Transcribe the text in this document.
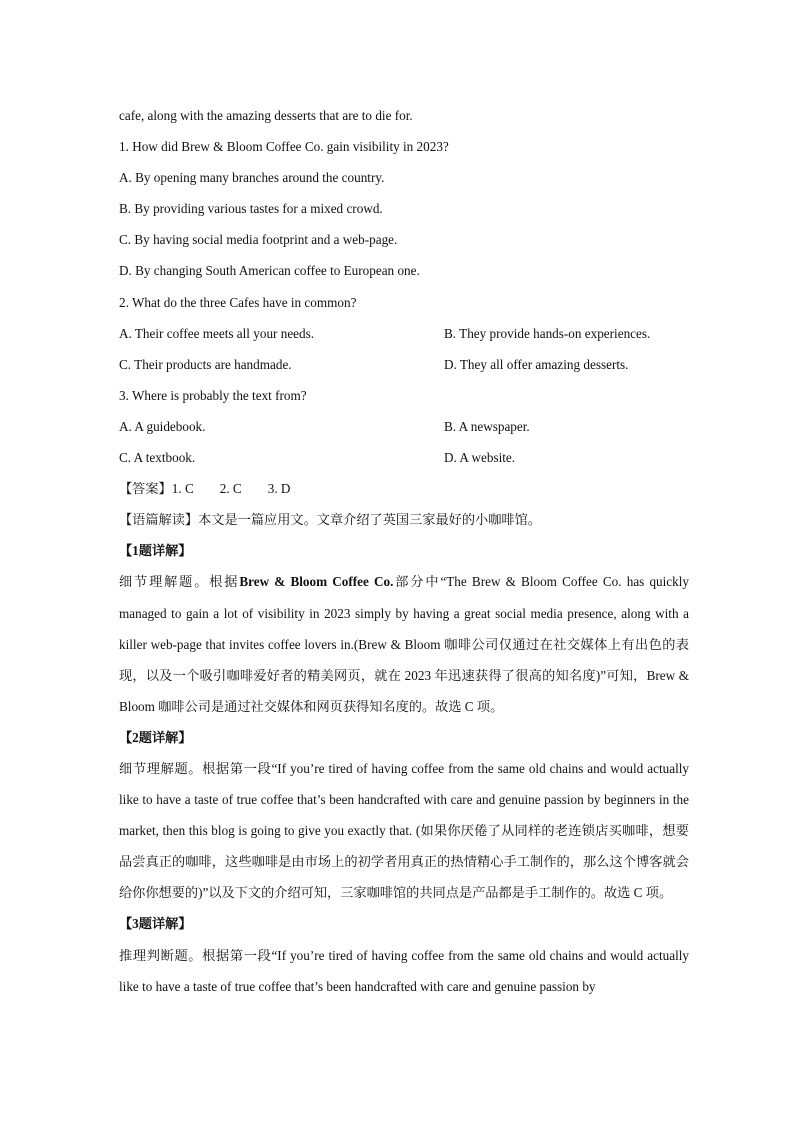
cafe, along with the amazing desserts that are to die for.
1. How did Brew & Bloom Coffee Co. gain visibility in 2023?
A. By opening many branches around the country.
B. By providing various tastes for a mixed crowd.
C. By having social media footprint and a web-page.
D. By changing South American coffee to European one.
2. What do the three Cafes have in common?
A. Their coffee meets all your needs.	B. They provide hands-on experiences.
C. Their products are handmade.	D. They all offer amazing desserts.
3. Where is probably the text from?
A. A guidebook.	B. A newspaper.
C. A textbook.	D. A website.
【答案】1. C 2. C 3. D
【语篇解读】本文是一篇应用文。文章介绍了英国三家最好的小咖啡馆。
【1题详解】
细节理解题。根据Brew & Bloom Coffee Co.部分中“The Brew & Bloom Coffee Co. has quickly managed to gain a lot of visibility in 2023 simply by having a great social media presence, along with a killer web-page that invites coffee lovers in.(Brew & Bloom 咖啡公司仅通过在社交媒体上有出色的表现，以及一个吸引咖啡爱好者的精美网页，就在 2023 年迅速获得了很高的知名度)”可知，Brew & Bloom 咖啡公司是通过社交媒体和网页获得知名度的。故选 C 项。
【2题详解】
细节理解题。根据第一段“If you’re tired of having coffee from the same old chains and would actually like to have a taste of true coffee that’s been handcrafted with care and genuine passion by beginners in the market, then this blog is going to give you exactly that. (如果你厌倦了从同样的老连锁店买咖啡，想要品尝真正的咖啡，这些咖啡是由市场上的初学者用真正的热情精心手工制作的，那么这个博客就会给你你想要的)”以及下文的介绍可知，三家咖啡馆的共同点是产品都是手工制作的。故选 C 项。
【3题详解】
推理判断题。根据第一段“If you’re tired of having coffee from the same old chains and would actually like to have a taste of true coffee that’s been handcrafted with care and genuine passion by
